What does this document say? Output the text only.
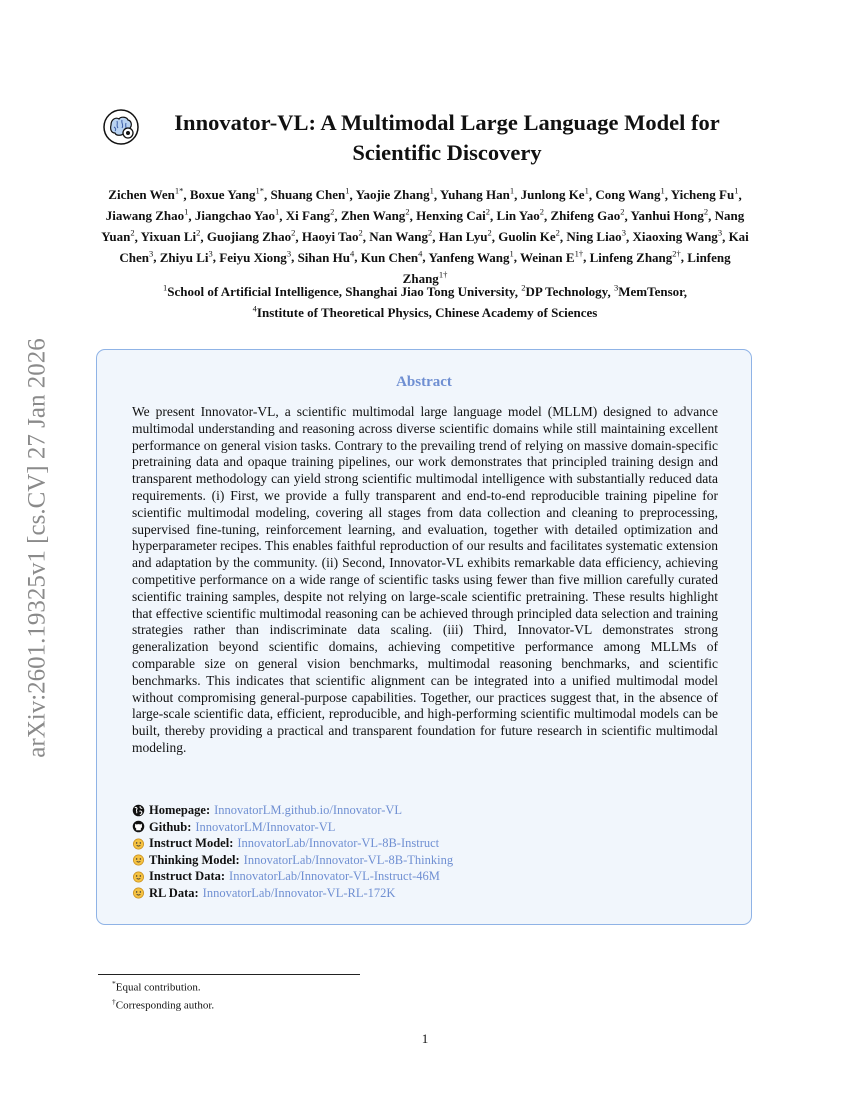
arXiv:2601.19325v1 [cs.CV] 27 Jan 2026
Innovator-VL: A Multimodal Large Language Model for Scientific Discovery
Zichen Wen$^{1*}$, Boxue Yang$^{1*}$, Shuang Chen$^1$, Yaojie Zhang$^1$, Yuhang Han$^1$, Junlong Ke$^1$, Cong Wang$^1$, Yicheng Fu$^1$, Jiawang Zhao$^1$, Jiangchao Yao$^1$, Xi Fang$^2$, Zhen Wang$^2$, Henxing Cai$^2$, Lin Yao$^2$, Zhifeng Gao$^2$, Yanhui Hong$^2$, Nang Yuan$^2$, Yixuan Li$^2$, Guojiang Zhao$^2$, Haoyi Tao$^2$, Nan Wang$^2$, Han Lyu$^2$, Guolin Ke$^2$, Ning Liao$^3$, Xiaoxing Wang$^3$, Kai Chen$^3$, Zhiyu Li$^3$, Feiyu Xiong$^3$, Sihan Hu$^4$, Kun Chen$^4$, Yanfeng Wang$^1$, Weinan $E^{1\dagger}$, Linfeng Zhang$^{2\dagger}$, Linfeng Zhang$^{1\dagger}$
$^1$School of Artificial Intelligence, Shanghai Jiao Tong University, $^2$DP Technology, $^3$MemTensor,
$^4$Institute of Theoretical Physics, Chinese Academy of Sciences
Abstract

We present Innovator-VL, a scientific multimodal large language model (MLLM) designed to advance multimodal understanding and reasoning across diverse scientific domains while still maintaining excellent performance on general vision tasks. Contrary to the prevailing trend of relying on massive domain-specific pretraining data and opaque training pipelines, our work demonstrates that principled training design and transparent methodology can yield strong scientific multimodal intelligence with substantially reduced data requirements. (i) First, we provide a fully transparent and end-to-end reproducible training pipeline for scientific multimodal modeling, covering all stages from data collection and cleaning to preprocessing, supervised fine-tuning, reinforcement learning, and evaluation, together with detailed optimization and hyperparameter recipes. This enables faithful reproduction of our results and facilitates systematic extension and adaptation by the community. (ii) Second, Innovator-VL exhibits remarkable data efficiency, achieving competitive performance on a wide range of scientific tasks using fewer than five million carefully curated scientific training samples, despite not relying on large-scale scientific pretraining. These results highlight that effective scientific multimodal reasoning can be achieved through principled data selection and training strategies rather than indiscriminate data scaling. (iii) Third, Innovator-VL demonstrates strong generalization beyond scientific domains, achieving competitive performance among MLLMs of comparable size on general vision benchmarks, multimodal reasoning benchmarks, and scientific benchmarks. This indicates that scientific alignment can be integrated into a unified multimodal model without compromising general-purpose capabilities. Together, our practices suggest that, in the absence of large-scale scientific data, efficient, reproducible, and high-performing scientific multimodal models can be built, thereby providing a practical and transparent foundation for future research in scientific multimodal modeling.

Homepage: InnovatorLM.github.io/Innovator-VL
Github: InnovatorLM/Innovator-VL
Instruct Model: InnovatorLab/Innovator-VL-8B-Instruct
Thinking Model: InnovatorLab/Innovator-VL-8B-Thinking
Instruct Data: InnovatorLab/Innovator-VL-Instruct-46M
RL Data: InnovatorLab/Innovator-VL-RL-172K
*Equal contribution.
†Corresponding author.
1
